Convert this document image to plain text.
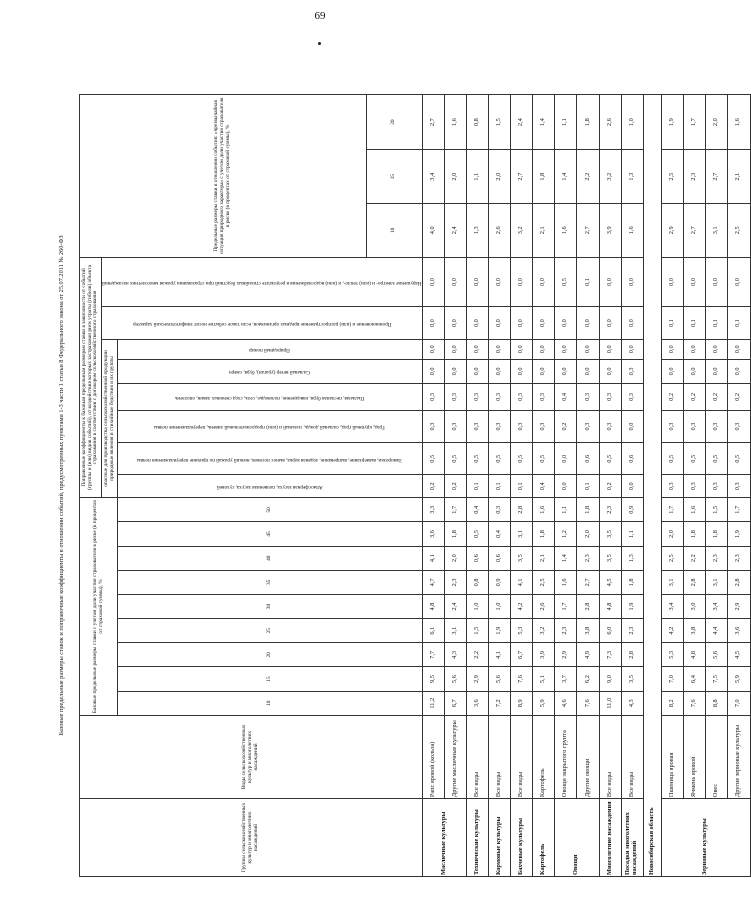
69
Базовые предельные размеры ставок и поправочные коэффициенты в отношении событий, предусмотренных пунктами 1-3 части 1 статьи 8 Федерального закона от 25.07.2011 № 260-ФЗ
Группы сельскохозяйственных культур и многолетних насаждений	Виды сельскохозяйственных культур и многолетних насаждений	Базовые предельные размеры ставки с учетом доли участия страхователя в риске (в процентах от страховой суммы), %									Поправочные коэффициенты к базовым предельным размерам ставки в зависимости от событий (группы и (или) видов событий), от воздействия которых застрахован риск утраты (гибели) объекта страхования в соответствии с договором сельскохозяйственного страхования								Предельные размеры ставки в отношении события: «чрезвычайная ситуация природного характера» с учетом доли участия страхователя в риске (в процентах от страховой суммы), %		
											опасные для производства сельскохозяйственной продукции природные явления и стихийные бедствия и их группы						Проникновение и (или) распространение вредных организмов, если такое событие носит эпифитотический характер	Нарушение электро- и (или) тепло-, и (или) водоснабжения в результате стихийных бедствий при страховании урожая многолетних насаждений			

		10	15	20	25	30	35	40	45	50	Атмосферная засуха, почвенная засуха, суховей	Заморозки, вымерзание, выпревание, ледяная корка, вынос посевов, низкий урожай по причине переувлажнения почвы	Град, крупный град, сильный дождь, сильный и (или) продолжительный ливень, переувлажнение почвы	Пыльная, песчаная буря, наводнение, половодье, сель, сход снежных лавин, оползень	Сильный ветер (ураган), буря, смерч	Природный пожар					

																			10	15	20
Масличные культуры	Рапс яровой (кольза)	11,2	9,5	7,7	6,1	4,8	4,7	4,1	3,6	3,3	0,2	0,5	0,3	0,3	0,0	0,0	0,0	0,0	4,0	3,4	2,7
	Другие масличные культуры	6,7	5,6	4,3	3,1	2,4	2,3	2,0	1,8	1,7	0,2	0,5	0,3	0,3	0,0	0,0	0,0	0,0	2,4	2,0	1,6
Технические культуры	Все виды	3,6	2,9	2,2	1,5	1,0	0,8	0,6	0,5	0,4	0,1	0,5	0,3	0,3	0,0	0,0	0,0	0,0	1,3	1,1	0,8
Кормовые культуры	Все виды	7,2	5,6	4,1	1,9	1,0	0,9	0,6	0,4	0,3	0,1	0,5	0,3	0,3	0,0	0,0	0,0	0,0	2,6	2,0	1,5
Бахчевые культуры	Все виды	8,9	7,6	6,7	5,3	4,2	4,1	3,5	3,1	2,8	0,1	0,5	0,3	0,3	0,0	0,0	0,0	0,0	3,2	2,7	2,4
Картофель	Картофель	5,9	5,1	3,9	3,2	2,6	2,5	2,1	1,8	1,6	0,4	0,5	0,3	0,3	0,0	0,0	0,0	0,0	2,1	1,8	1,4
Овощи	Овощи закрытого грунта	4,6	3,7	2,9	2,3	1,7	1,6	1,4	1,2	1,1	0,0	0,0	0,2	0,4	0,0	0,0	0,0	0,5	1,6	1,4	1,1
	Другие овощи	7,6	6,2	4,9	3,8	2,8	2,7	2,3	2,0	1,8	0,1	0,6	0,3	0,3	0,0	0,0	0,0	0,1	2,7	2,2	1,8
Многолетние насаждения	Все виды	11,0	9,0	7,3	6,0	4,8	4,5	3,5	3,5	2,3	0,2	0,5	0,3	0,3	0,0	0,0	0,0	0,0	3,9	3,2	2,6
Посадки многолетних насаждений	Все виды	4,3	3,5	2,8	2,3	1,9	1,8	1,3	1,1	0,9	0,0	0,6	0,0	0,3	0,3	0,0	0,0	0,0	1,6	1,3	1,0
Новосибирская область																					
Зерновые культуры	Пшеница яровая	8,2	7,0	5,3	4,2	3,4	3,1	2,5	2,0	1,7	0,3	0,5	0,3	0,2	0,0	0,0	0,1	0,0	2,9	2,5	1,9
	Ячмень яровой	7,6	6,4	4,8	3,8	3,0	2,8	2,2	1,8	1,6	0,3	0,5	0,3	0,2	0,0	0,0	0,1	0,0	2,7	2,3	1,7
	Овес	8,8	7,5	5,6	4,4	3,4	3,1	2,3	1,8	1,5	0,3	0,5	0,3	0,2	0,0	0,0	0,1	0,0	3,1	2,7	2,0
	Другие зерновые культуры	7,0	5,9	4,5	3,6	2,9	2,8	2,3	1,9	1,7	0,3	0,5	0,3	0,2	0,0	0,0	0,1	0,0	2,5	2,1	1,6
